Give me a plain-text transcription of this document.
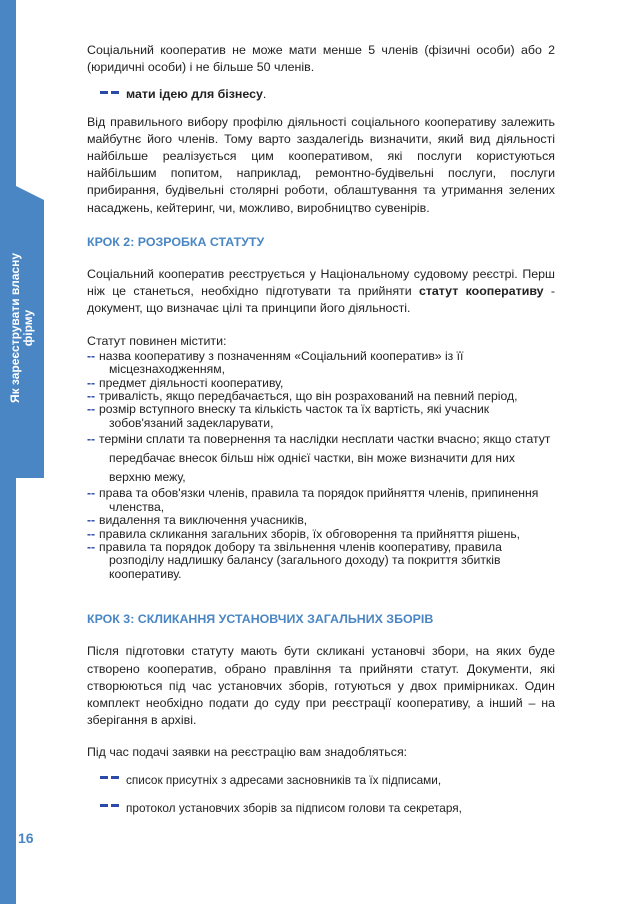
Як зареєструвати власну фірму
16

Соціальний кооператив не може мати менше 5 членів (фізичні особи) або 2 (юридичні особи) і не більше 50 членів.

мати ідею для бізнесу .

Від правильного вибору профілю діяльності соціального кооперативу залежить майбутнє його членів. Тому варто заздалегідь визначити, який вид діяльності найбільше реалізується цим кооперативом, які послуги користуються найбільшим попитом, наприклад, ремонтно-будівельні послуги, послуги прибирання, будівельні столярні роботи, облаштування та утримання зелених насаджень, кейтеринг, чи, можливо, виробництво сувенірів.

КРОК 2: РОЗРОБКА СТАТУТУ

Соціальний кооператив реєструється у Національному судовому реєстрі. Перш ніж це станеться, необхідно підготувати та прийняти статут кооперативу - документ, що визначає цілі та принципи його діяльності.

Статут повинен містити:

-- назва кооперативу з позначенням «Соціальний кооператив» із її місцезнаходженням,
-- предмет діяльності кооперативу,
-- тривалість, якщо передбачається, що він розрахований на певний період,
-- розмір вступного внеску та кількість часток та їх вартість, які учасник зобов'язаний задекларувати,
-- терміни сплати та повернення та наслідки несплати частки вчасно; якщо статут передбачає внесок більш ніж однієї частки, він може визначити для них верхню межу,
-- права та обов'язки членів, правила та порядок прийняття членів, припинення членства,
-- видалення та виключення учасників,
-- правила скликання загальних зборів, їх обговорення та прийняття рішень,
-- правила та порядок добору та звільнення членів кооперативу, правила розподілу надлишку балансу (загального доходу) та покриття збитків кооперативу.

КРОК 3: СКЛИКАННЯ УСТАНОВЧИХ ЗАГАЛЬНИХ ЗБОРІВ

Після підготовки статуту мають бути скликані установчі збори, на яких буде створено кооператив, обрано правління та прийняти статут. Документи, які створюються під час установчих зборів, готуються у двох примірниках. Один комплект необхідно подати до суду при реєстрації кооперативу, а інший – на зберігання в архіві.

Під час подачі заявки на реєстрацію вам знадобляться:

список присутніх з адресами засновників та їх підписами,
протокол установчих зборів за підписом голови та секретаря,
